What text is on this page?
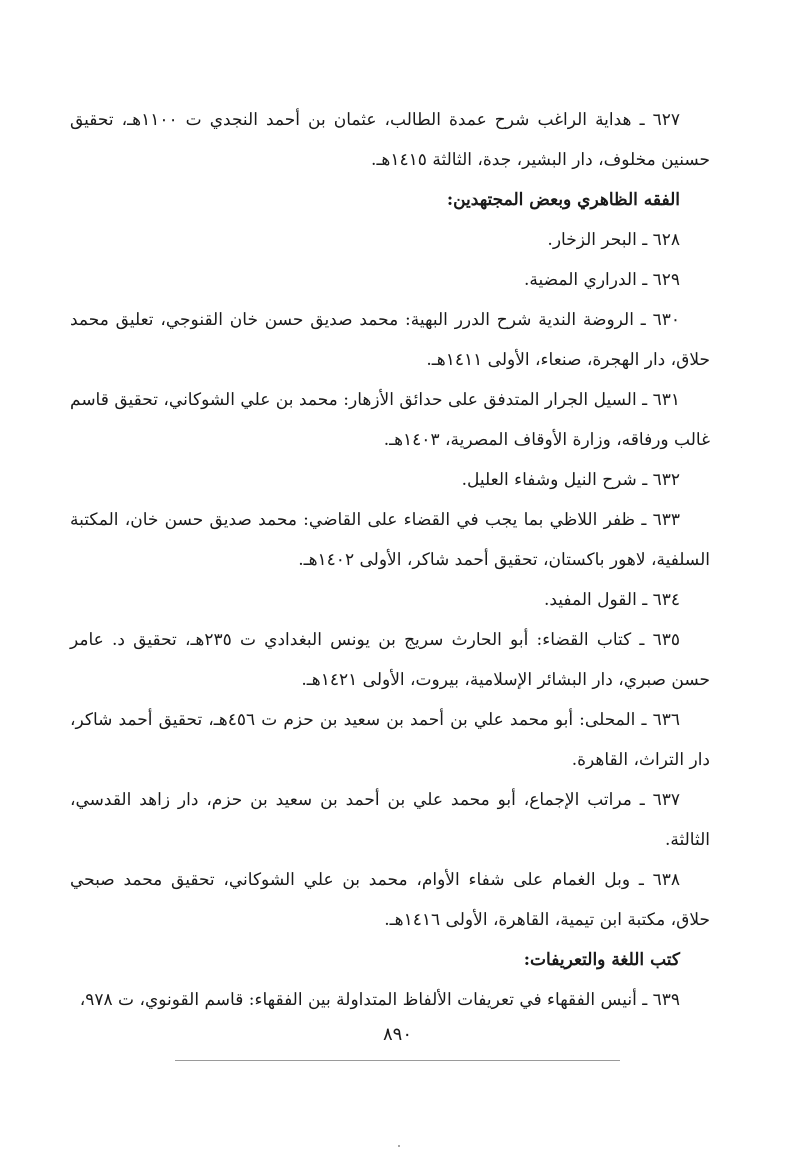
٦٢٧ ـ هداية الراغب شرح عمدة الطالب، عثمان بن أحمد النجدي ت ١١٠٠هـ، تحقيق حسنين مخلوف، دار البشير، جدة، الثالثة ١٤١٥هـ.

الفقه الظاهري وبعض المجتهدين:

٦٢٨ ـ البحر الزخار.

٦٢٩ ـ الدراري المضية.

٦٣٠ ـ الروضة الندية شرح الدرر البهية: محمد صديق حسن خان القنوجي، تعليق محمد حلاق، دار الهجرة، صنعاء، الأولى ١٤١١هـ.

٦٣١ ـ السيل الجرار المتدفق على حدائق الأزهار: محمد بن علي الشوكاني، تحقيق قاسم غالب ورفاقه، وزارة الأوقاف المصرية، ١٤٠٣هـ.

٦٣٢ ـ شرح النيل وشفاء العليل.

٦٣٣ ـ ظفر اللاظي بما يجب في القضاء على القاضي: محمد صديق حسن خان، المكتبة السلفية، لاهور باكستان، تحقيق أحمد شاكر، الأولى ١٤٠٢هـ.

٦٣٤ ـ القول المفيد.

٦٣٥ ـ كتاب القضاء: أبو الحارث سريج بن يونس البغدادي ت ٢٣٥هـ، تحقيق د. عامر حسن صبري، دار البشائر الإسلامية، بيروت، الأولى ١٤٢١هـ.

٦٣٦ ـ المحلى: أبو محمد علي بن أحمد بن سعيد بن حزم ت ٤٥٦هـ، تحقيق أحمد شاكر، دار التراث، القاهرة.

٦٣٧ ـ مراتب الإجماع، أبو محمد علي بن أحمد بن سعيد بن حزم، دار زاهد القدسي، الثالثة.

٦٣٨ ـ وبل الغمام على شفاء الأوام، محمد بن علي الشوكاني، تحقيق محمد صبحي حلاق، مكتبة ابن تيمية، القاهرة، الأولى ١٤١٦هـ.

كتب اللغة والتعريفات:

٦٣٩ ـ أنيس الفقهاء في تعريفات الألفاظ المتداولة بين الفقهاء: قاسم القونوي، ت ٩٧٨،

٨٩٠
